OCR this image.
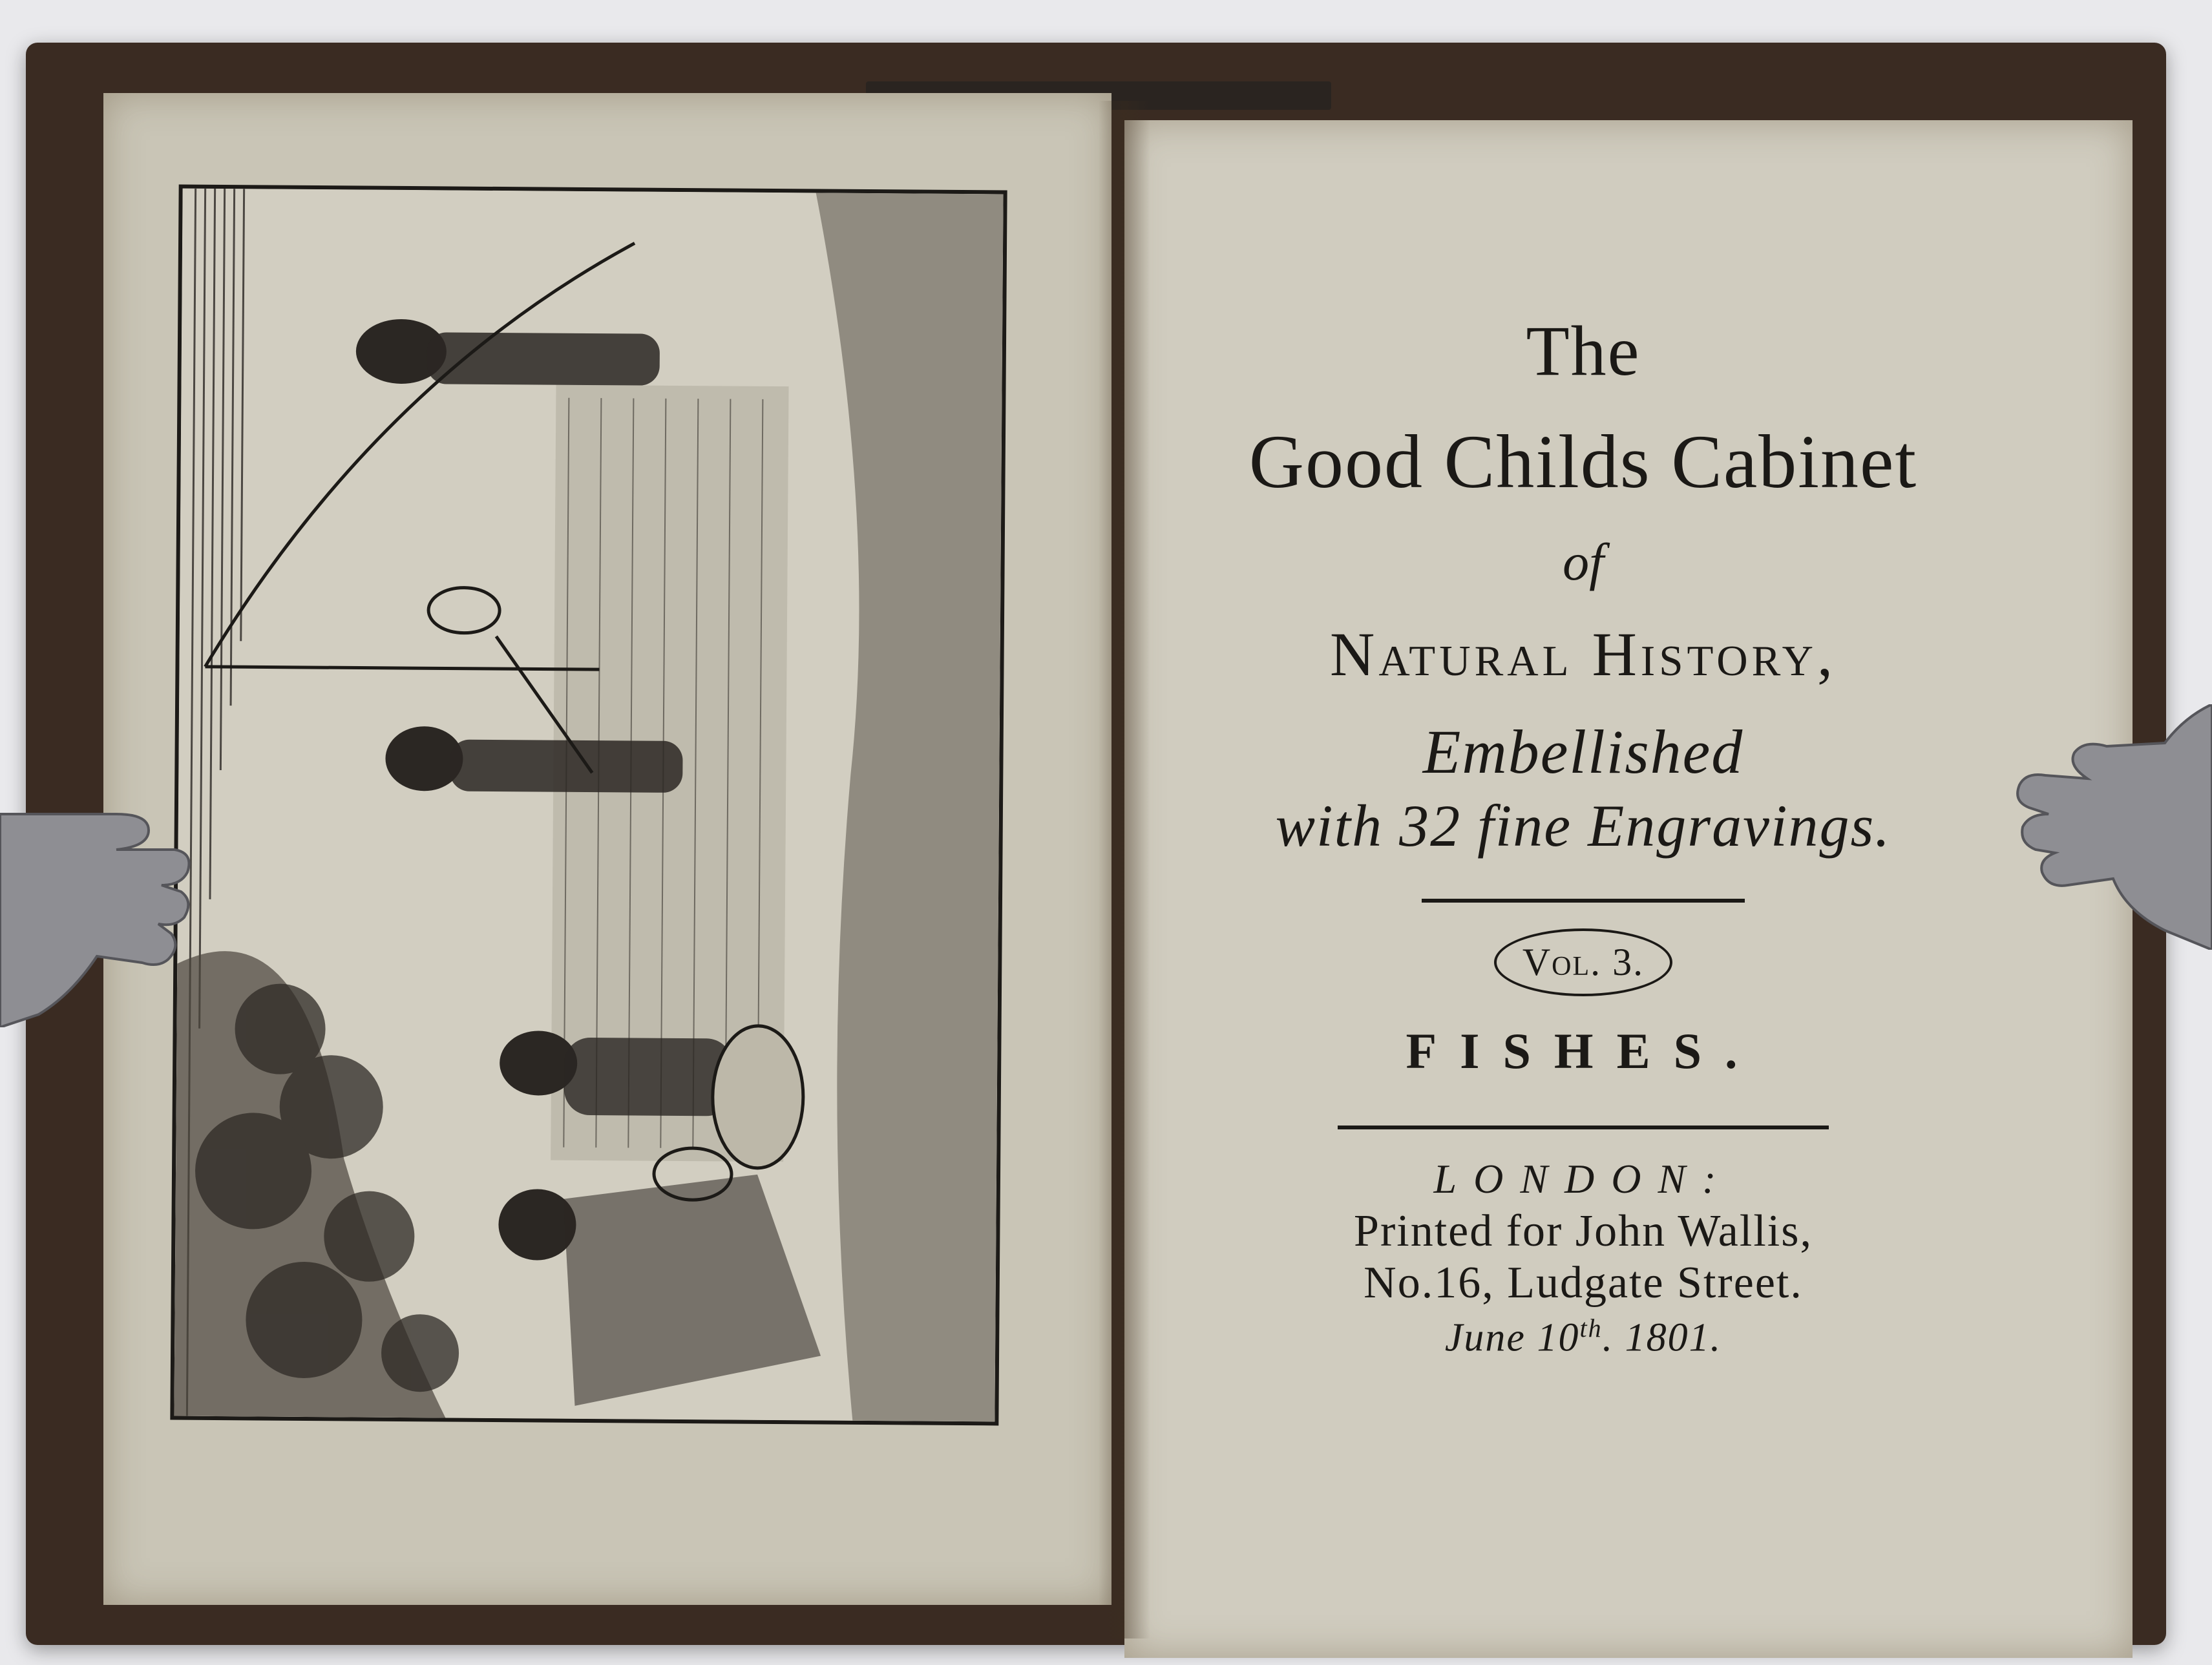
The
Good Childs Cabinet
of
Natural History,
Embellished
with 32 fine Engravings.
Vol. 3.
FISHES.
LONDON:
Printed for John Wallis,
No.16, Ludgate Street.
June 10th. 1801.
